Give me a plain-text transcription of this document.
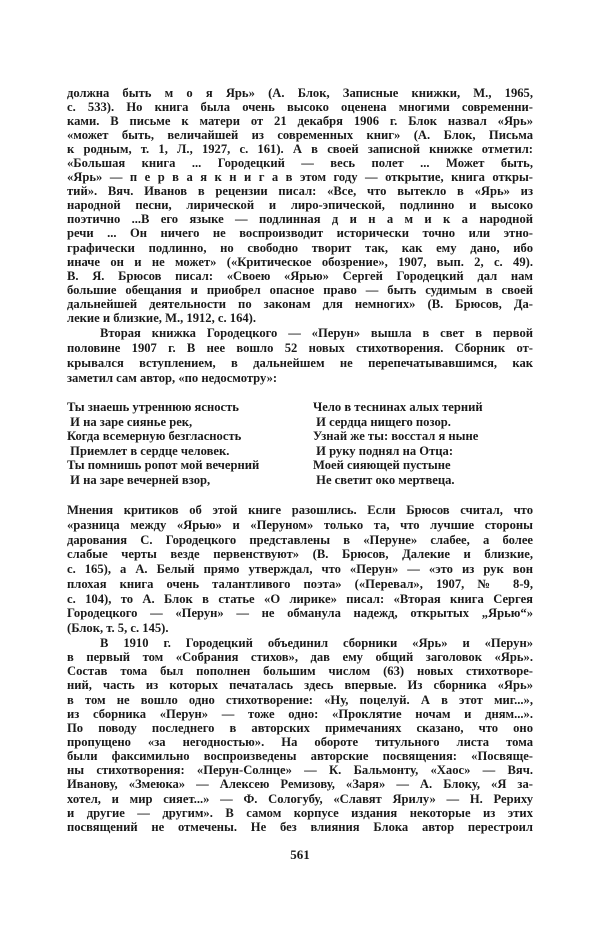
должна быть м о я Ярь» (А. Блок, Записные книжки, М., 1965,
с. 533). Но книга была очень высоко оценена многими современни-
ками. В письме к матери от 21 декабря 1906 г. Блок назвал «Ярь»
«может быть, величайшей из современных книг» (А. Блок, Письма
к родным, т. 1, Л., 1927, с. 161). А в своей записной книжке отметил:
«Большая книга ... Городецкий — весь полет ... Может быть,
«Ярь» — п е р в а я к н и г а в этом году — открытие, книга откры-
тий». Вяч. Иванов в рецензии писал: «Все, что вытекло в «Ярь» из
народной песни, лирической и лиро-эпической, подлинно и высоко
поэтично ...В его языке — подлинная д и н а м и к а народной
речи ... Он ничего не воспроизводит исторически точно или этно-
графически подлинно, но свободно творит так, как ему дано, ибо
иначе он и не может» («Критическое обозрение», 1907, вып. 2, с. 49).
В. Я. Брюсов писал: «Своею «Ярью» Сергей Городецкий дал нам
большие обещания и приобрел опасное право — быть судимым в своей
дальнейшей деятельности по законам для немногих» (В. Брюсов, Да-
лекие и близкие, М., 1912, с. 164).
Вторая книжка Городецкого — «Перун» вышла в свет в первой
половине 1907 г. В нее вошло 52 новых стихотворения. Сборник от-
крывался вступлением, в дальнейшем не перепечатывавшимся, как
заметил сам автор, «по недосмотру»:
Ты знаешь утреннюю ясность
И на заре сиянье рек,
Когда всемерную безгласность
Приемлет в сердце человек.
Ты помнишь ропот мой вечерний
И на заре вечерней взор,
Чело в теснинах алых терний
И сердца нищего позор.
Узнай же ты: восстал я ныне
И руку поднял на Отца:
Моей сияющей пустыне
Не светит око мертвеца.
Мнения критиков об этой книге разошлись. Если Брюсов считал, что
«разница между «Ярью» и «Перуном» только та, что лучшие стороны
дарования С. Городецкого представлены в «Перуне» слабее, а более
слабые черты везде первенствуют» (В. Брюсов, Далекие и близкие,
с. 165), а А. Белый прямо утверждал, что «Перун» — «это из рук вон
плохая книга очень талантливого поэта» («Перевал», 1907, № 8-9,
с. 104), то А. Блок в статье «О лирике» писал: «Вторая книга Сергея
Городецкого — «Перун» — не обманула надежд, открытых „Ярью“»
(Блок, т. 5, с. 145).
В 1910 г. Городецкий объединил сборники «Ярь» и «Перун»
в первый том «Собрания стихов», дав ему общий заголовок «Ярь».
Состав тома был пополнен большим числом (63) новых стихотворе-
ний, часть из которых печаталась здесь впервые. Из сборника «Ярь»
в том не вошло одно стихотворение: «Ну, поцелуй. А в этот миг...»,
из сборника «Перун» — тоже одно: «Проклятие ночам и дням...».
По поводу последнего в авторских примечаниях сказано, что оно
пропущено «за негодностью». На обороте титульного листа тома
были факсимильно воспроизведены авторские посвящения: «Посвяще-
ны стихотворения: «Перун-Солнце» — К. Бальмонту, «Хаос» — Вяч.
Иванову, «Змеюка» — Алексею Ремизову, «Заря» — А. Блоку, «Я за-
хотел, и мир сияет...» — Ф. Сологубу, «Славят Ярилу» — Н. Рериху
и другие — другим». В самом корпусе издания некоторые из этих
посвящений не отмечены. Не без влияния Блока автор перестроил
561
